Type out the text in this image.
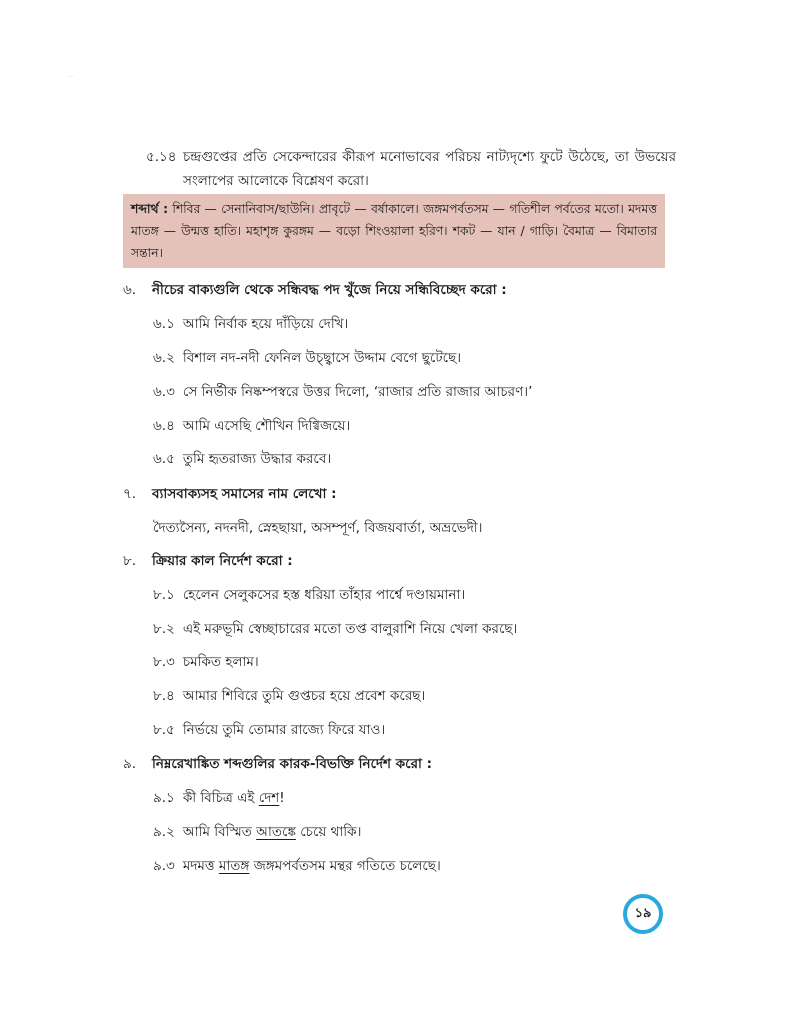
...
৫.১৪ চন্দ্রগুপ্তের প্রতি সেকেন্দারের কীরূপ মনোভাবের পরিচয় নাট্যদৃশ্যে ফুটে উঠেছে, তা উভয়ের
সংলাপের আলোকে বিশ্লেষণ করো।
শব্দার্থ : শিবির — সেনানিবাস/ছাউনি। প্রাবৃটে — বর্ষাকালে। জঙ্গমপর্বতসম — গতিশীল পর্বতের মতো। মদমত্ত মাতঙ্গ — উন্মত্ত হাতি। মহাশৃঙ্গ কুরঙ্গম — বড়ো শিংওয়ালা হরিণ। শকট — যান / গাড়ি। বৈমাত্র — বিমাতার সন্তান।
৬. নীচের বাক্যগুলি থেকে সন্ধিবদ্ধ পদ খুঁজে নিয়ে সন্ধিবিচ্ছেদ করো :
৬.১ আমি নির্বাক হয়ে দাঁড়িয়ে দেখি।
৬.২ বিশাল নদ-নদী ফেনিল উচ্ছ্বাসে উদ্দাম বেগে ছুটেছে।
৬.৩ সে নির্ভীক নিষ্কম্পস্বরে উত্তর দিলো, ‘রাজার প্রতি রাজার আচরণ।’
৬.৪ আমি এসেছি শৌখিন দিগ্বিজয়ে।
৬.৫ তুমি হৃতরাজ্য উদ্ধার করবে।
৭. ব্যাসবাক্যসহ সমাসের নাম লেখো :
দৈত্যসৈন্য, নদনদী, স্নেহছায়া, অসম্পূর্ণ, বিজয়বার্তা, অভ্রভেদী।
৮. ক্রিয়ার কাল নির্দেশ করো :
৮.১ হেলেন সেলুকসের হস্ত ধরিয়া তাঁহার পার্শ্বে দণ্ডায়মানা।
৮.২ এই মরুভূমি স্বেচ্ছাচারের মতো তপ্ত বালুরাশি নিয়ে খেলা করছে।
৮.৩ চমকিত হলাম।
৮.৪ আমার শিবিরে তুমি গুপ্তচর হয়ে প্রবেশ করেছ।
৮.৫ নির্ভয়ে তুমি তোমার রাজ্যে ফিরে যাও।
৯. নিম্নরেখাঙ্কিত শব্দগুলির কারক-বিভক্তি নির্দেশ করো :
৯.১ কী বিচিত্র এই দেশ!
৯.২ আমি বিস্মিত আতঙ্কে চেয়ে থাকি।
৯.৩ মদমত্ত মাতঙ্গ জঙ্গমপর্বতসম মন্থর গতিতে চলেছে।
১৯
